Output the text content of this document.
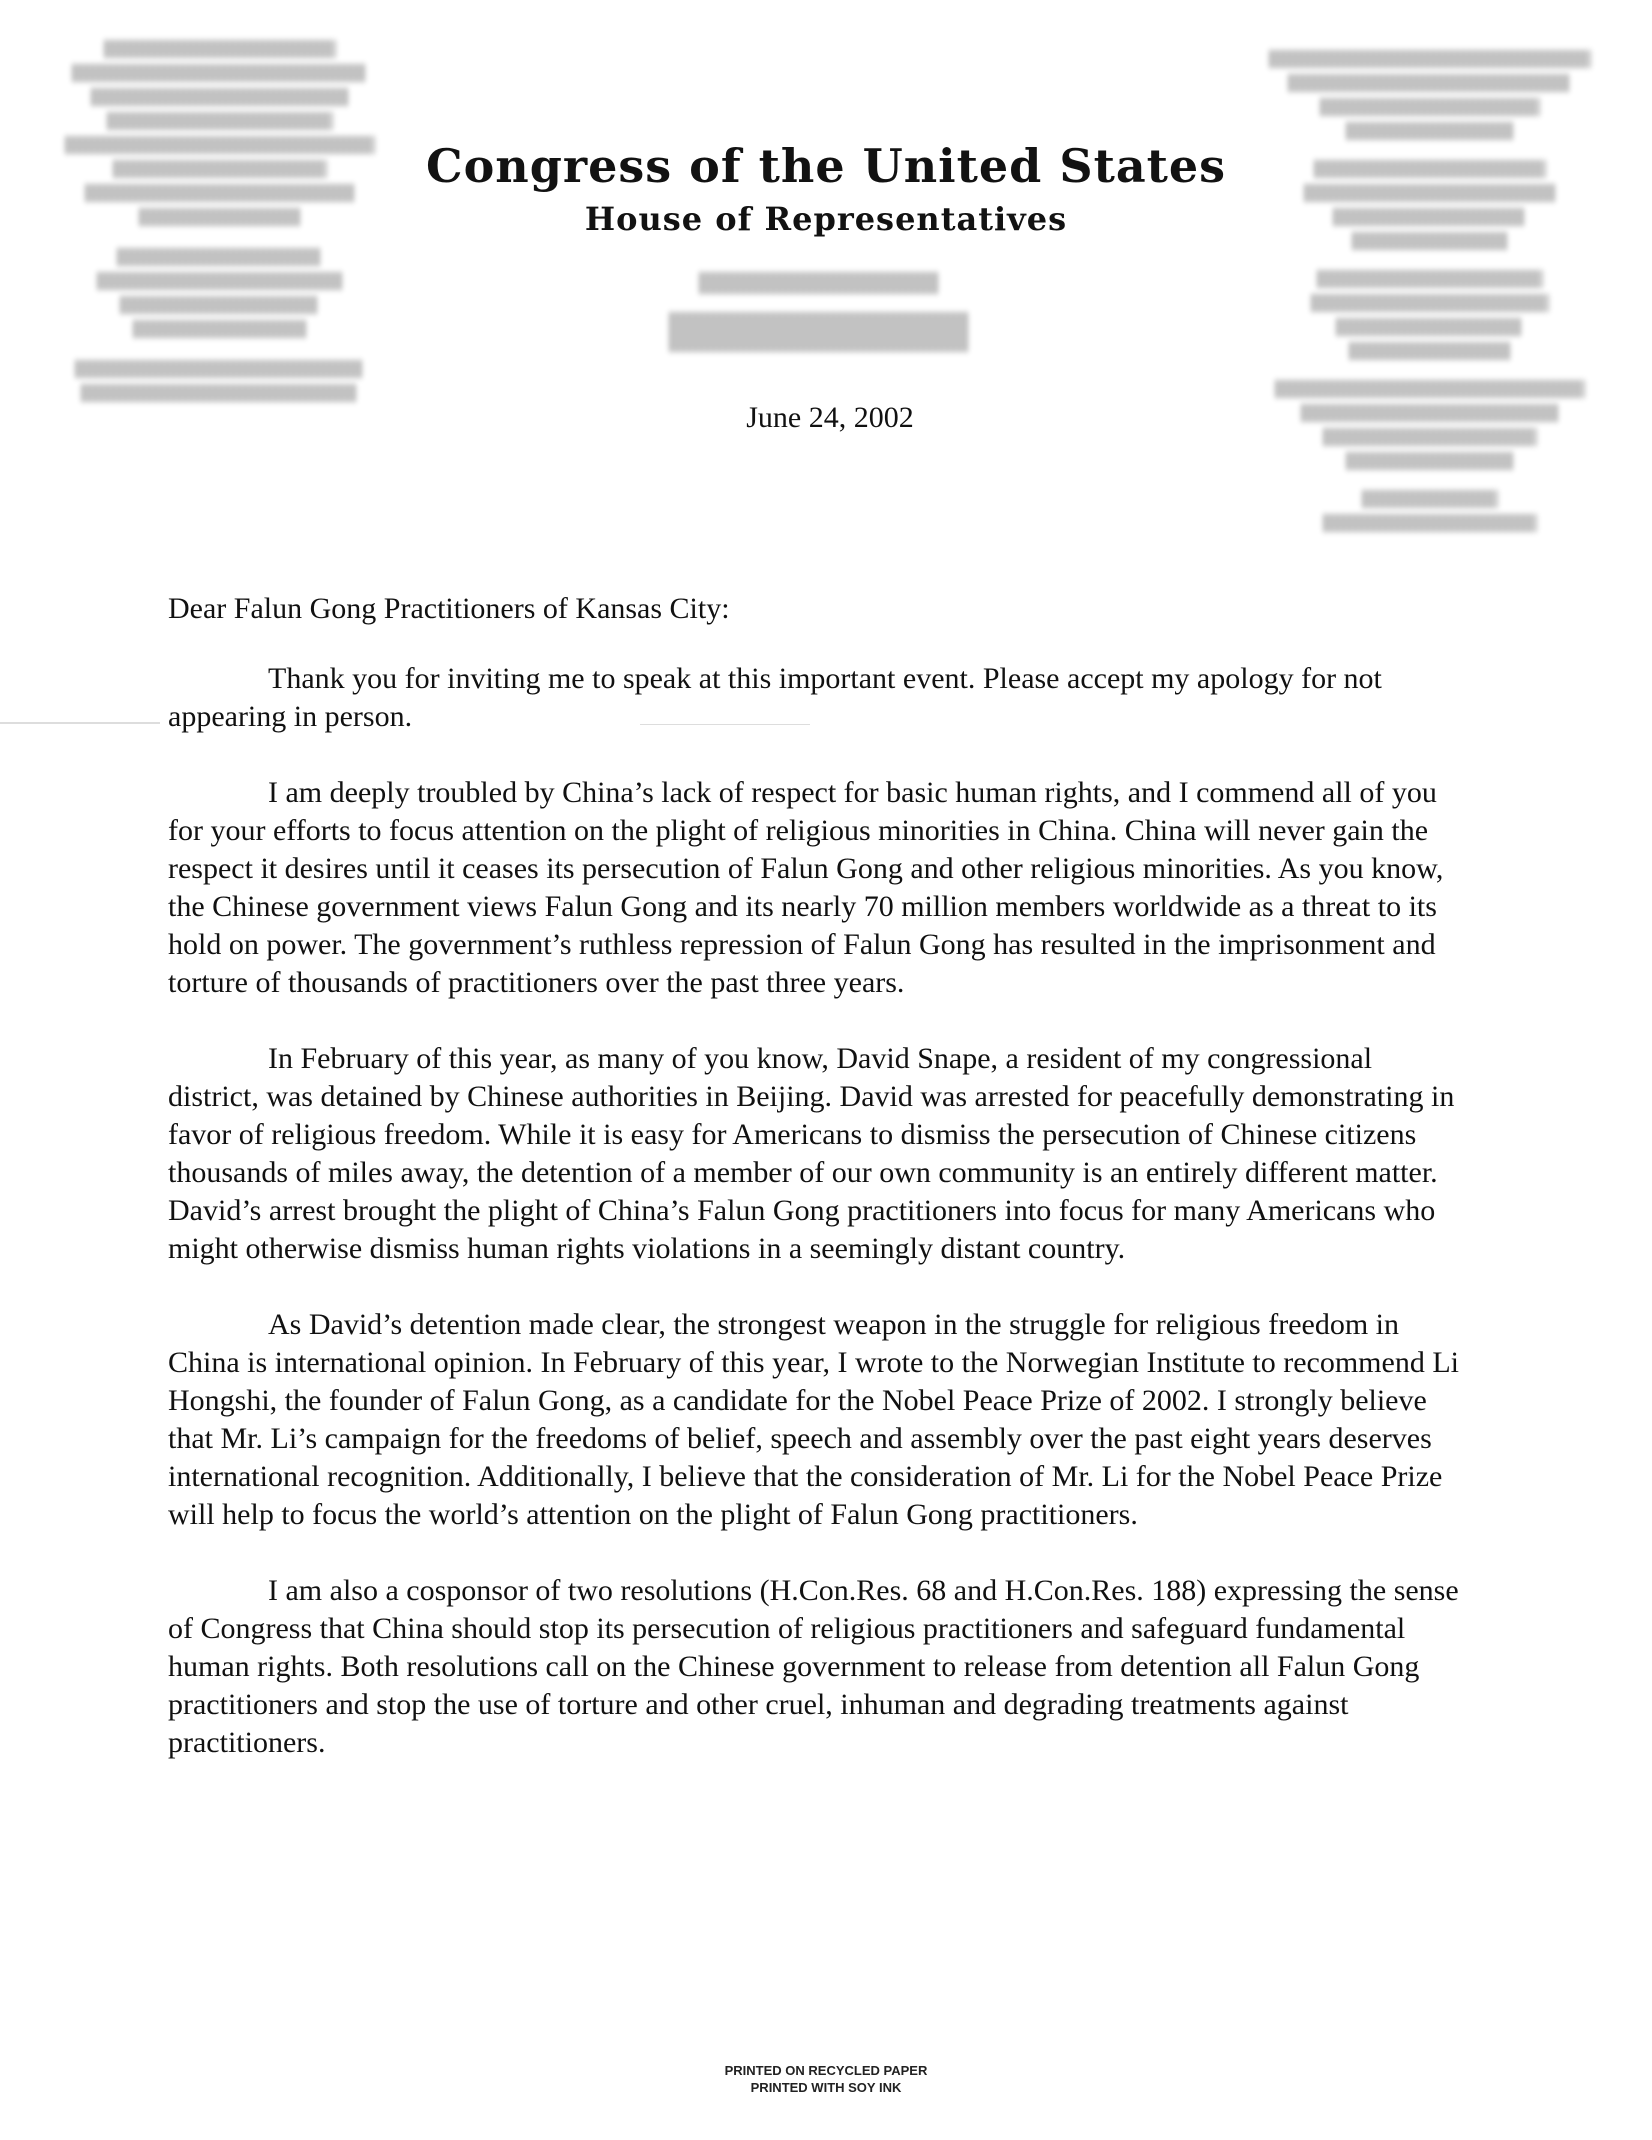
Congress of the United States
House of Representatives
June 24, 2002

Dear Falun Gong Practitioners of Kansas City:

Thank you for inviting me to speak at this important event. Please accept my apology for not appearing in person.

I am deeply troubled by China’s lack of respect for basic human rights, and I commend all of you for your efforts to focus attention on the plight of religious minorities in China. China will never gain the respect it desires until it ceases its persecution of Falun Gong and other religious minorities. As you know, the Chinese government views Falun Gong and its nearly 70 million members worldwide as a threat to its hold on power. The government’s ruthless repression of Falun Gong has resulted in the imprisonment and torture of thousands of practitioners over the past three years.

In February of this year, as many of you know, David Snape, a resident of my congressional district, was detained by Chinese authorities in Beijing. David was arrested for peacefully demonstrating in favor of religious freedom. While it is easy for Americans to dismiss the persecution of Chinese citizens thousands of miles away, the detention of a member of our own community is an entirely different matter. David’s arrest brought the plight of China’s Falun Gong practitioners into focus for many Americans who might otherwise dismiss human rights violations in a seemingly distant country.

As David’s detention made clear, the strongest weapon in the struggle for religious freedom in China is international opinion. In February of this year, I wrote to the Norwegian Institute to recommend Li Hongshi, the founder of Falun Gong, as a candidate for the Nobel Peace Prize of 2002. I strongly believe that Mr. Li’s campaign for the freedoms of belief, speech and assembly over the past eight years deserves international recognition. Additionally, I believe that the consideration of Mr. Li for the Nobel Peace Prize will help to focus the world’s attention on the plight of Falun Gong practitioners.

I am also a cosponsor of two resolutions (H.Con.Res. 68 and H.Con.Res. 188) expressing the sense of Congress that China should stop its persecution of religious practitioners and safeguard fundamental human rights. Both resolutions call on the Chinese government to release from detention all Falun Gong practitioners and stop the use of torture and other cruel, inhuman and degrading treatments against practitioners.

PRINTED ON RECYCLED PAPER
PRINTED WITH SOY INK
